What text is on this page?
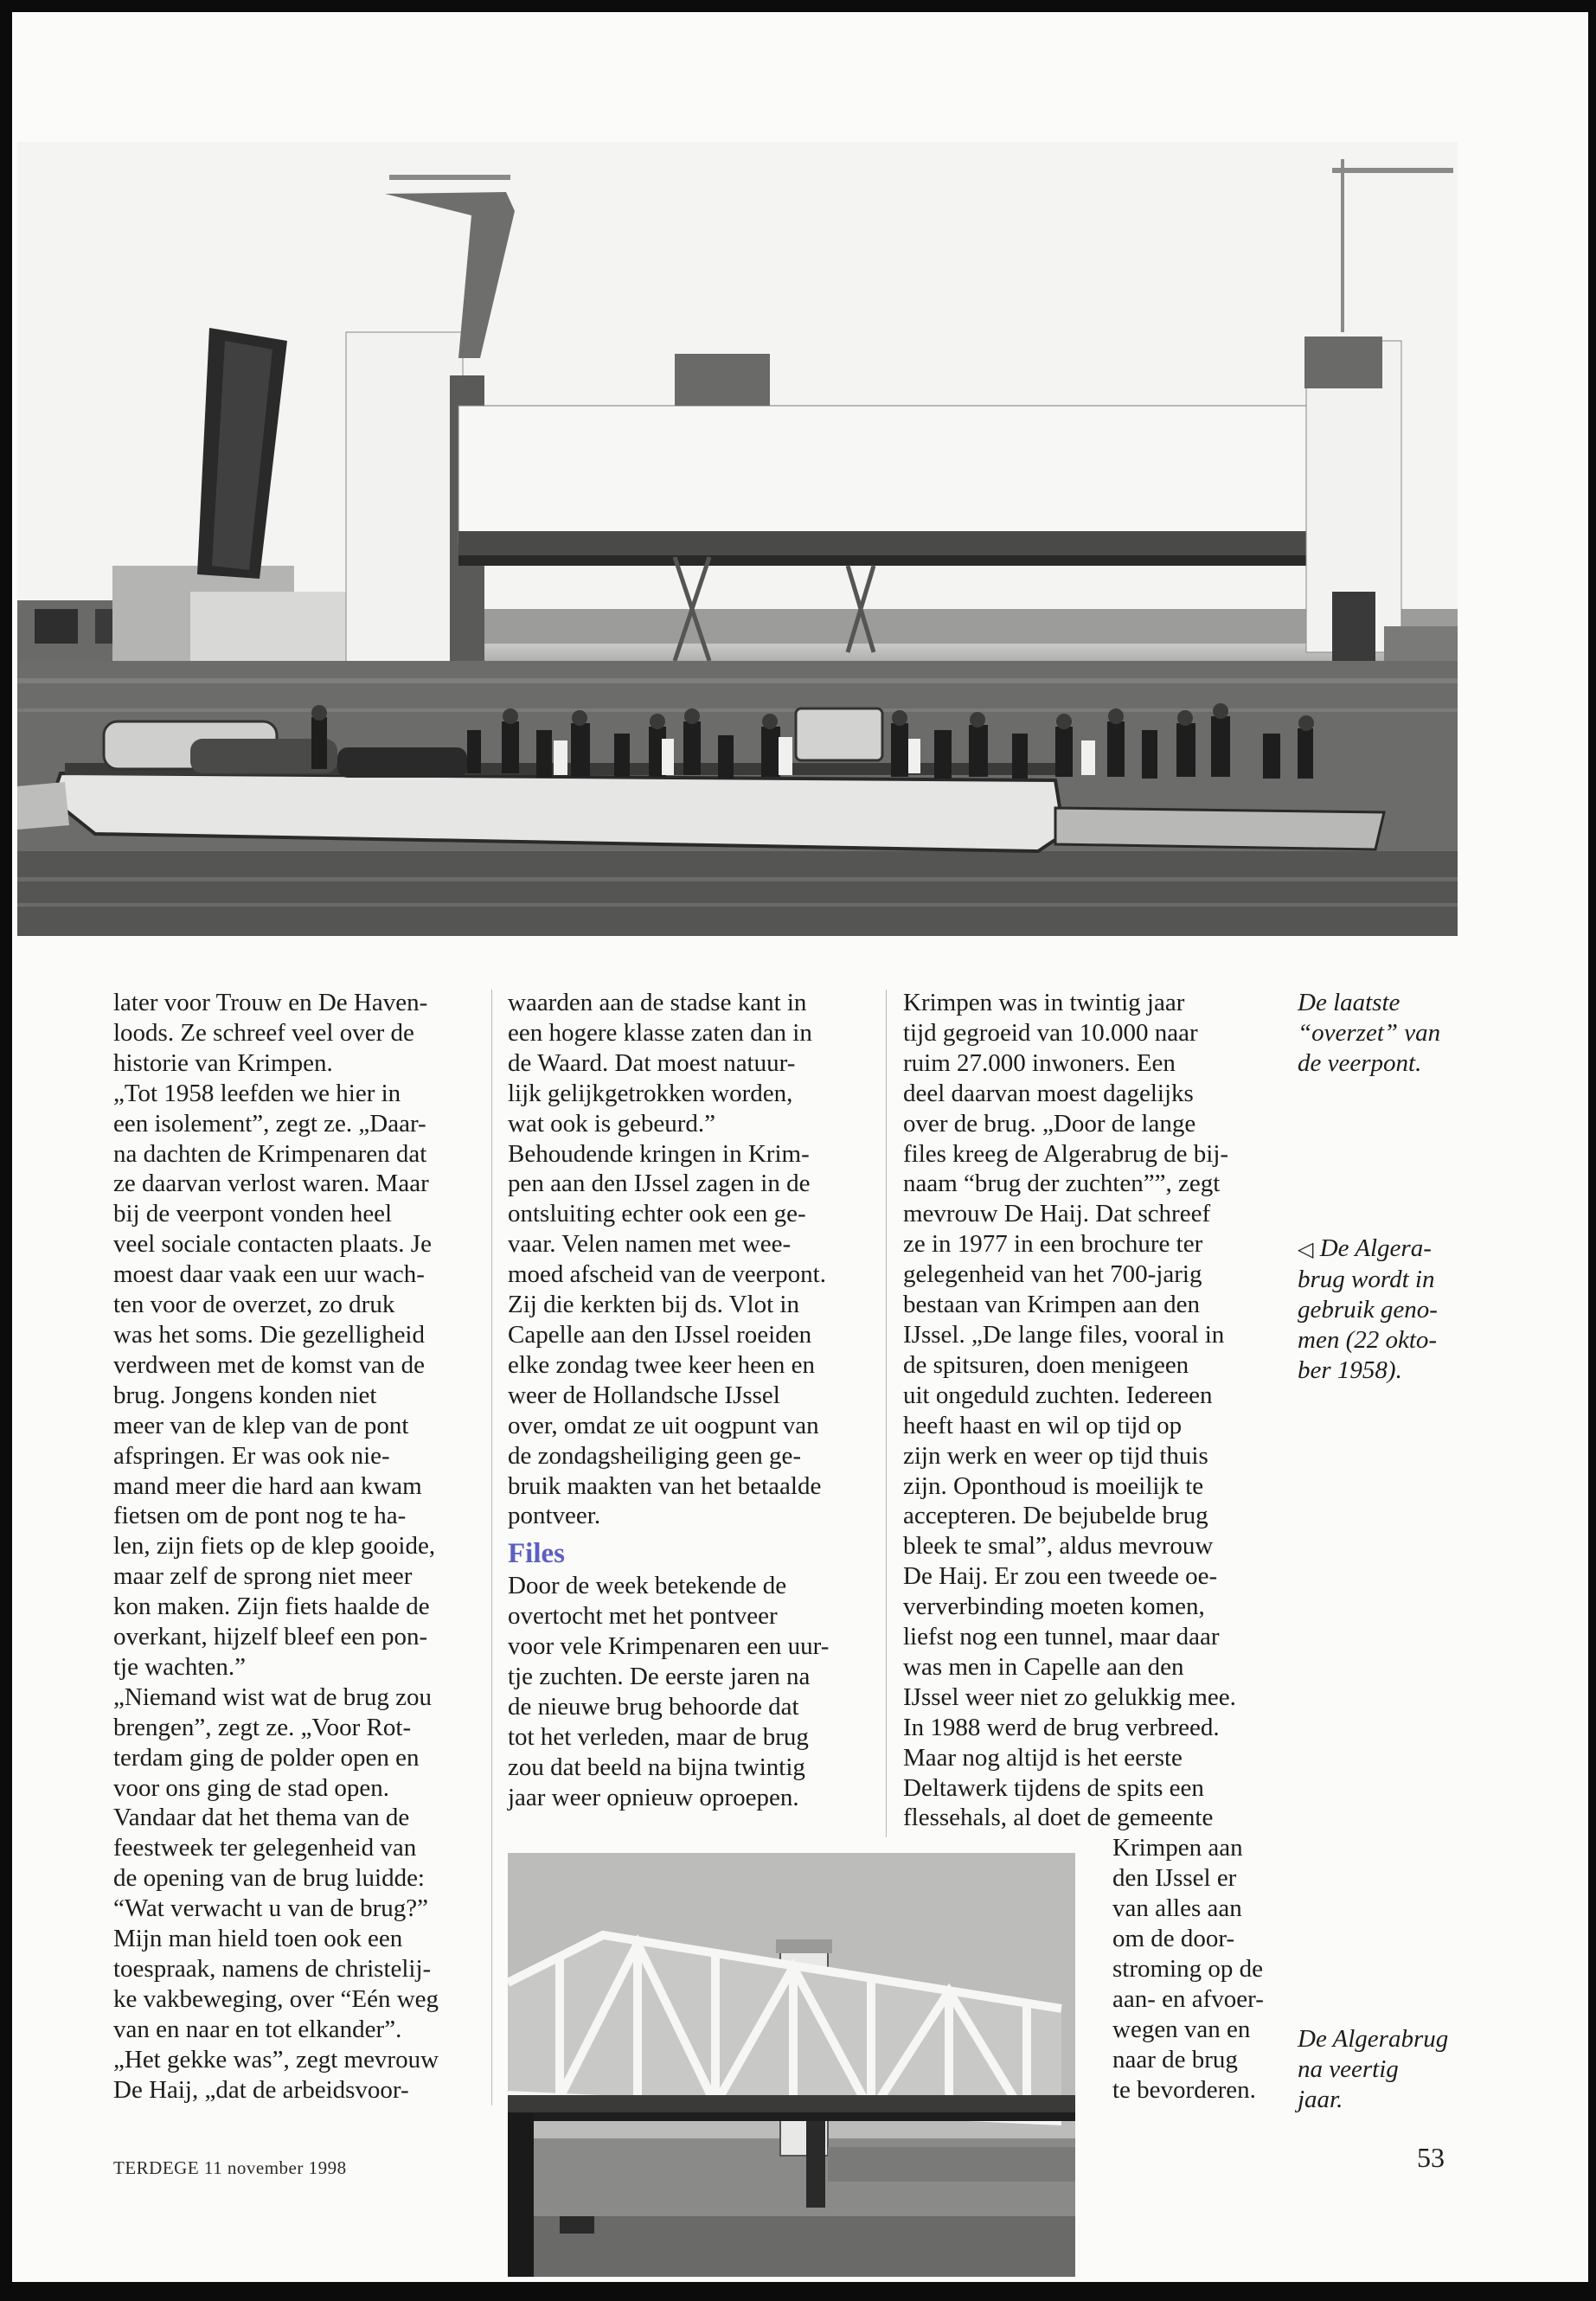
later voor Trouw en De Haven-

loods. Ze schreef veel over de

historie van Krimpen.

„Tot 1958 leefden we hier in

een isolement”, zegt ze. „Daar-

na dachten de Krimpenaren dat

ze daarvan verlost waren. Maar

bij de veerpont vonden heel

veel sociale contacten plaats. Je

moest daar vaak een uur wach-

ten voor de overzet, zo druk

was het soms. Die gezelligheid

verdween met de komst van de

brug. Jongens konden niet

meer van de klep van de pont

afspringen. Er was ook nie-

mand meer die hard aan kwam

fietsen om de pont nog te ha-

len, zijn fiets op de klep gooide,

maar zelf de sprong niet meer

kon maken. Zijn fiets haalde de

overkant, hijzelf bleef een pon-

tje wachten.”

„Niemand wist wat de brug zou

brengen”, zegt ze. „Voor Rot-

terdam ging de polder open en

voor ons ging de stad open.

Vandaar dat het thema van de

feestweek ter gelegenheid van

de opening van de brug luidde:

“Wat verwacht u van de brug?”

Mijn man hield toen ook een

toespraak, namens de christelij-

ke vakbeweging, over “Eén weg

van en naar en tot elkander”.

„Het gekke was”, zegt mevrouw

De Haij, „dat de arbeidsvoor-

waarden aan de stadse kant in

een hogere klasse zaten dan in

de Waard. Dat moest natuur-

lijk gelijkgetrokken worden,

wat ook is gebeurd.”

Behoudende kringen in Krim-

pen aan den IJssel zagen in de

ontsluiting echter ook een ge-

vaar. Velen namen met wee-

moed afscheid van de veerpont.

Zij die kerkten bij ds. Vlot in

Capelle aan den IJssel roeiden

elke zondag twee keer heen en

weer de Hollandsche IJssel

over, omdat ze uit oogpunt van

de zondagsheiliging geen ge-

bruik maakten van het betaalde

pontveer.

Files

Door de week betekende de

overtocht met het pontveer

voor vele Krimpenaren een uur-

tje zuchten. De eerste jaren na

de nieuwe brug behoorde dat

tot het verleden, maar de brug

zou dat beeld na bijna twintig

jaar weer opnieuw oproepen.

Krimpen was in twintig jaar

tijd gegroeid van 10.000 naar

ruim 27.000 inwoners. Een

deel daarvan moest dagelijks

over de brug. „Door de lange

files kreeg de Algerabrug de bij-

naam “brug der zuchten””, zegt

mevrouw De Haij. Dat schreef

ze in 1977 in een brochure ter

gelegenheid van het 700-jarig

bestaan van Krimpen aan den

IJssel. „De lange files, vooral in

de spitsuren, doen menigeen

uit ongeduld zuchten. Iedereen

heeft haast en wil op tijd op

zijn werk en weer op tijd thuis

zijn. Oponthoud is moeilijk te

accepteren. De bejubelde brug

bleek te smal”, aldus mevrouw

De Haij. Er zou een tweede oe-

ververbinding moeten komen,

liefst nog een tunnel, maar daar

was men in Capelle aan den

IJssel weer niet zo gelukkig mee.

In 1988 werd de brug verbreed.

Maar nog altijd is het eerste

Deltawerk tijdens de spits een

flessehals, al doet de gemeente

Krimpen aan

den IJssel er

van alles aan

om de door-

stroming op de

aan- en afvoer-

wegen van en

naar de brug

te bevorderen.

De laatste

“overzet” van

de veerpont.

◁ De Algera-

brug wordt in

gebruik geno-

men (22 okto-

ber 1958).

De Algerabrug

na veertig

jaar.

TERDEGE 11 november 1998	53
